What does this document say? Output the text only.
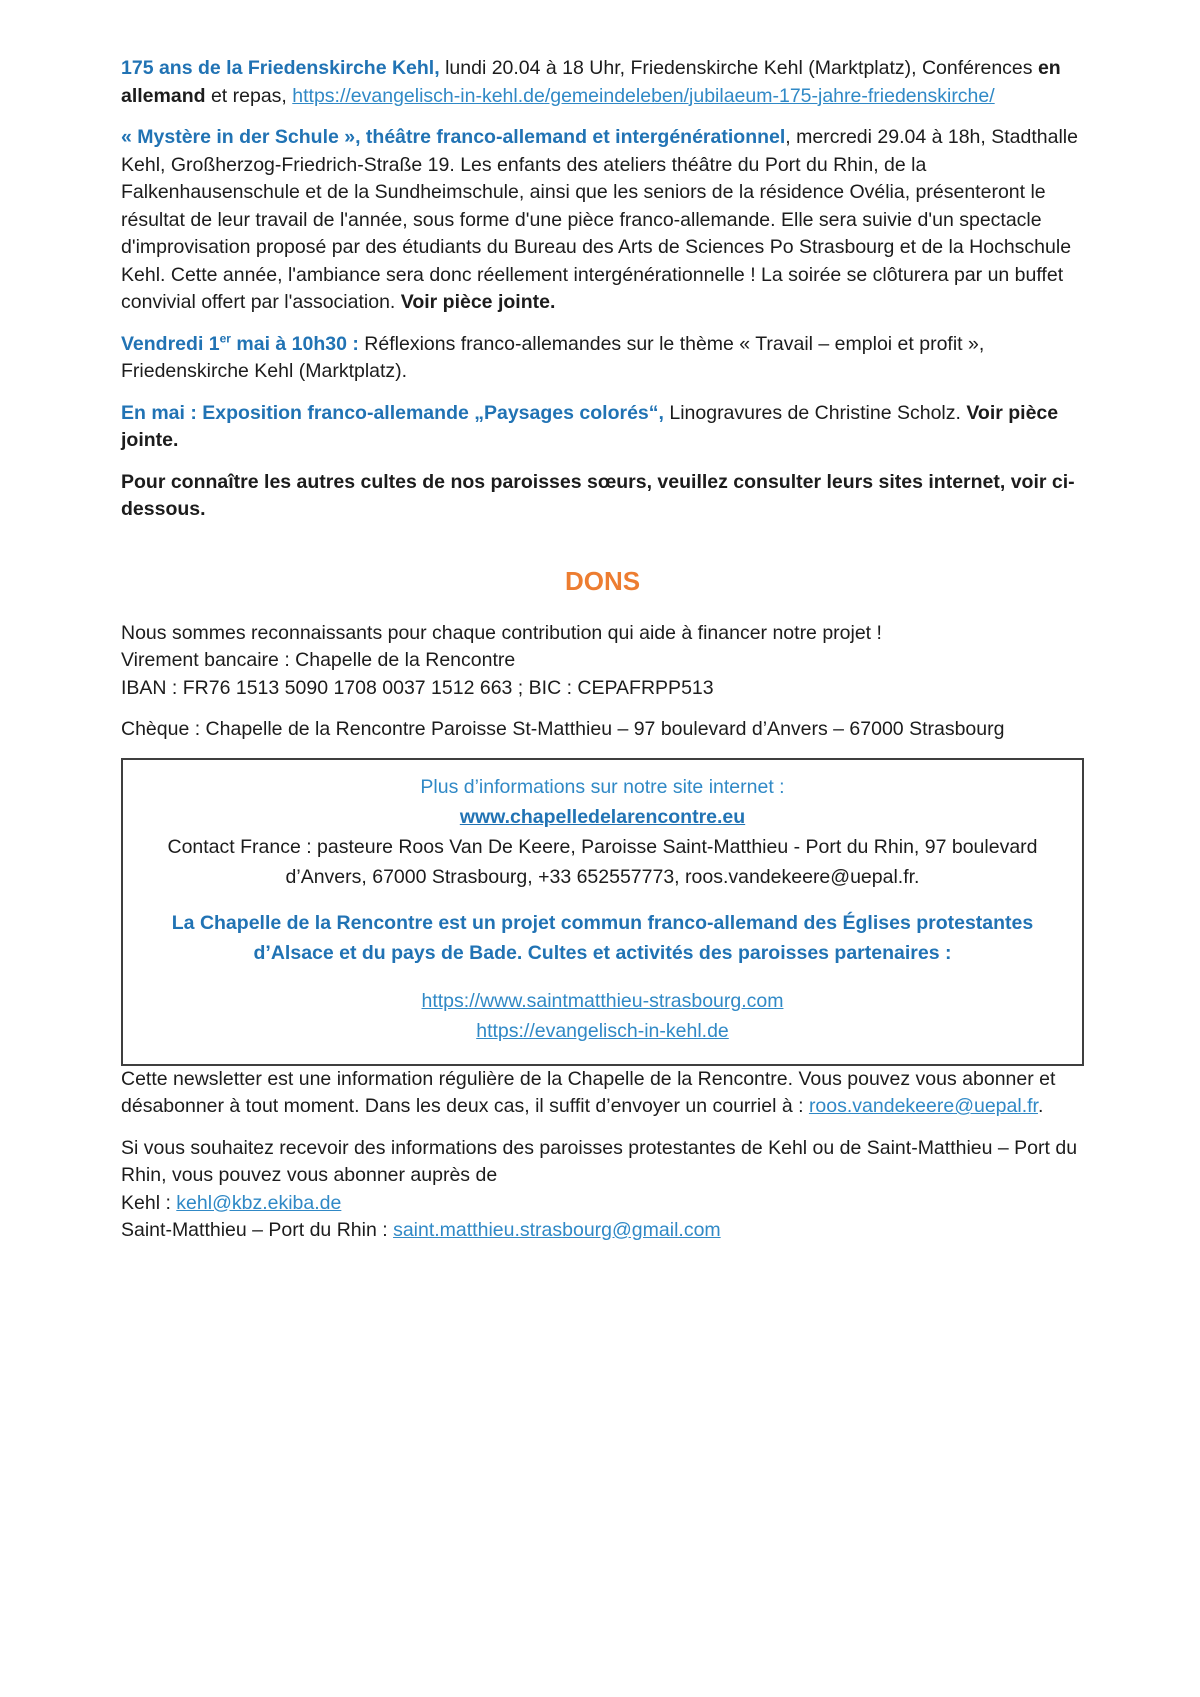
175 ans de la Friedenskirche Kehl, lundi 20.04 à 18 Uhr, Friedenskirche Kehl (Marktplatz), Conférences en allemand et repas, https://evangelisch-in-kehl.de/gemeindeleben/jubilaeum-175-jahre-friedenskirche/

« Mystère in der Schule », théâtre franco-allemand et intergénérationnel, mercredi 29.04 à 18h, Stadthalle Kehl, Großherzog-Friedrich-Straße 19. Les enfants des ateliers théâtre du Port du Rhin, de la Falkenhausenschule et de la Sundheimschule, ainsi que les seniors de la résidence Ovélia, présenteront le résultat de leur travail de l'année, sous forme d'une pièce franco-allemande. Elle sera suivie d'un spectacle d'improvisation proposé par des étudiants du Bureau des Arts de Sciences Po Strasbourg et de la Hochschule Kehl. Cette année, l'ambiance sera donc réellement intergénérationnelle ! La soirée se clôturera par un buffet convivial offert par l'association. Voir pièce jointe.

Vendredi 1er mai à 10h30 : Réflexions franco-allemandes sur le thème « Travail – emploi et profit », Friedenskirche Kehl (Marktplatz).

En mai : Exposition franco-allemande „Paysages colorés“, Linogravures de Christine Scholz. Voir pièce jointe.

Pour connaître les autres cultes de nos paroisses sœurs, veuillez consulter leurs sites internet, voir ci-dessous.

DONS

Nous sommes reconnaissants pour chaque contribution qui aide à financer notre projet !
Virement bancaire : Chapelle de la Rencontre
IBAN : FR76 1513 5090 1708 0037 1512 663 ; BIC : CEPAFRPP513

Chèque : Chapelle de la Rencontre Paroisse St-Matthieu – 97 boulevard d’Anvers – 67000 Strasbourg

Plus d’informations sur notre site internet :

www.chapelledelarencontre.eu

Contact France : pasteure Roos Van De Keere, Paroisse Saint-Matthieu - Port du Rhin, 97 boulevard d’Anvers, 67000 Strasbourg, +33 652557773, roos.vandekeere@uepal.fr.

La Chapelle de la Rencontre est un projet commun franco-allemand des Églises protestantes d’Alsace et du pays de Bade. Cultes et activités des paroisses partenaires :

https://www.saintmatthieu-strasbourg.com

https://evangelisch-in-kehl.de

Cette newsletter est une information régulière de la Chapelle de la Rencontre. Vous pouvez vous abonner et désabonner à tout moment. Dans les deux cas, il suffit d’envoyer un courriel à : roos.vandekeere@uepal.fr.

Si vous souhaitez recevoir des informations des paroisses protestantes de Kehl ou de Saint-Matthieu – Port du Rhin, vous pouvez vous abonner auprès de
Kehl : kehl@kbz.ekiba.de
Saint-Matthieu – Port du Rhin : saint.matthieu.strasbourg@gmail.com
